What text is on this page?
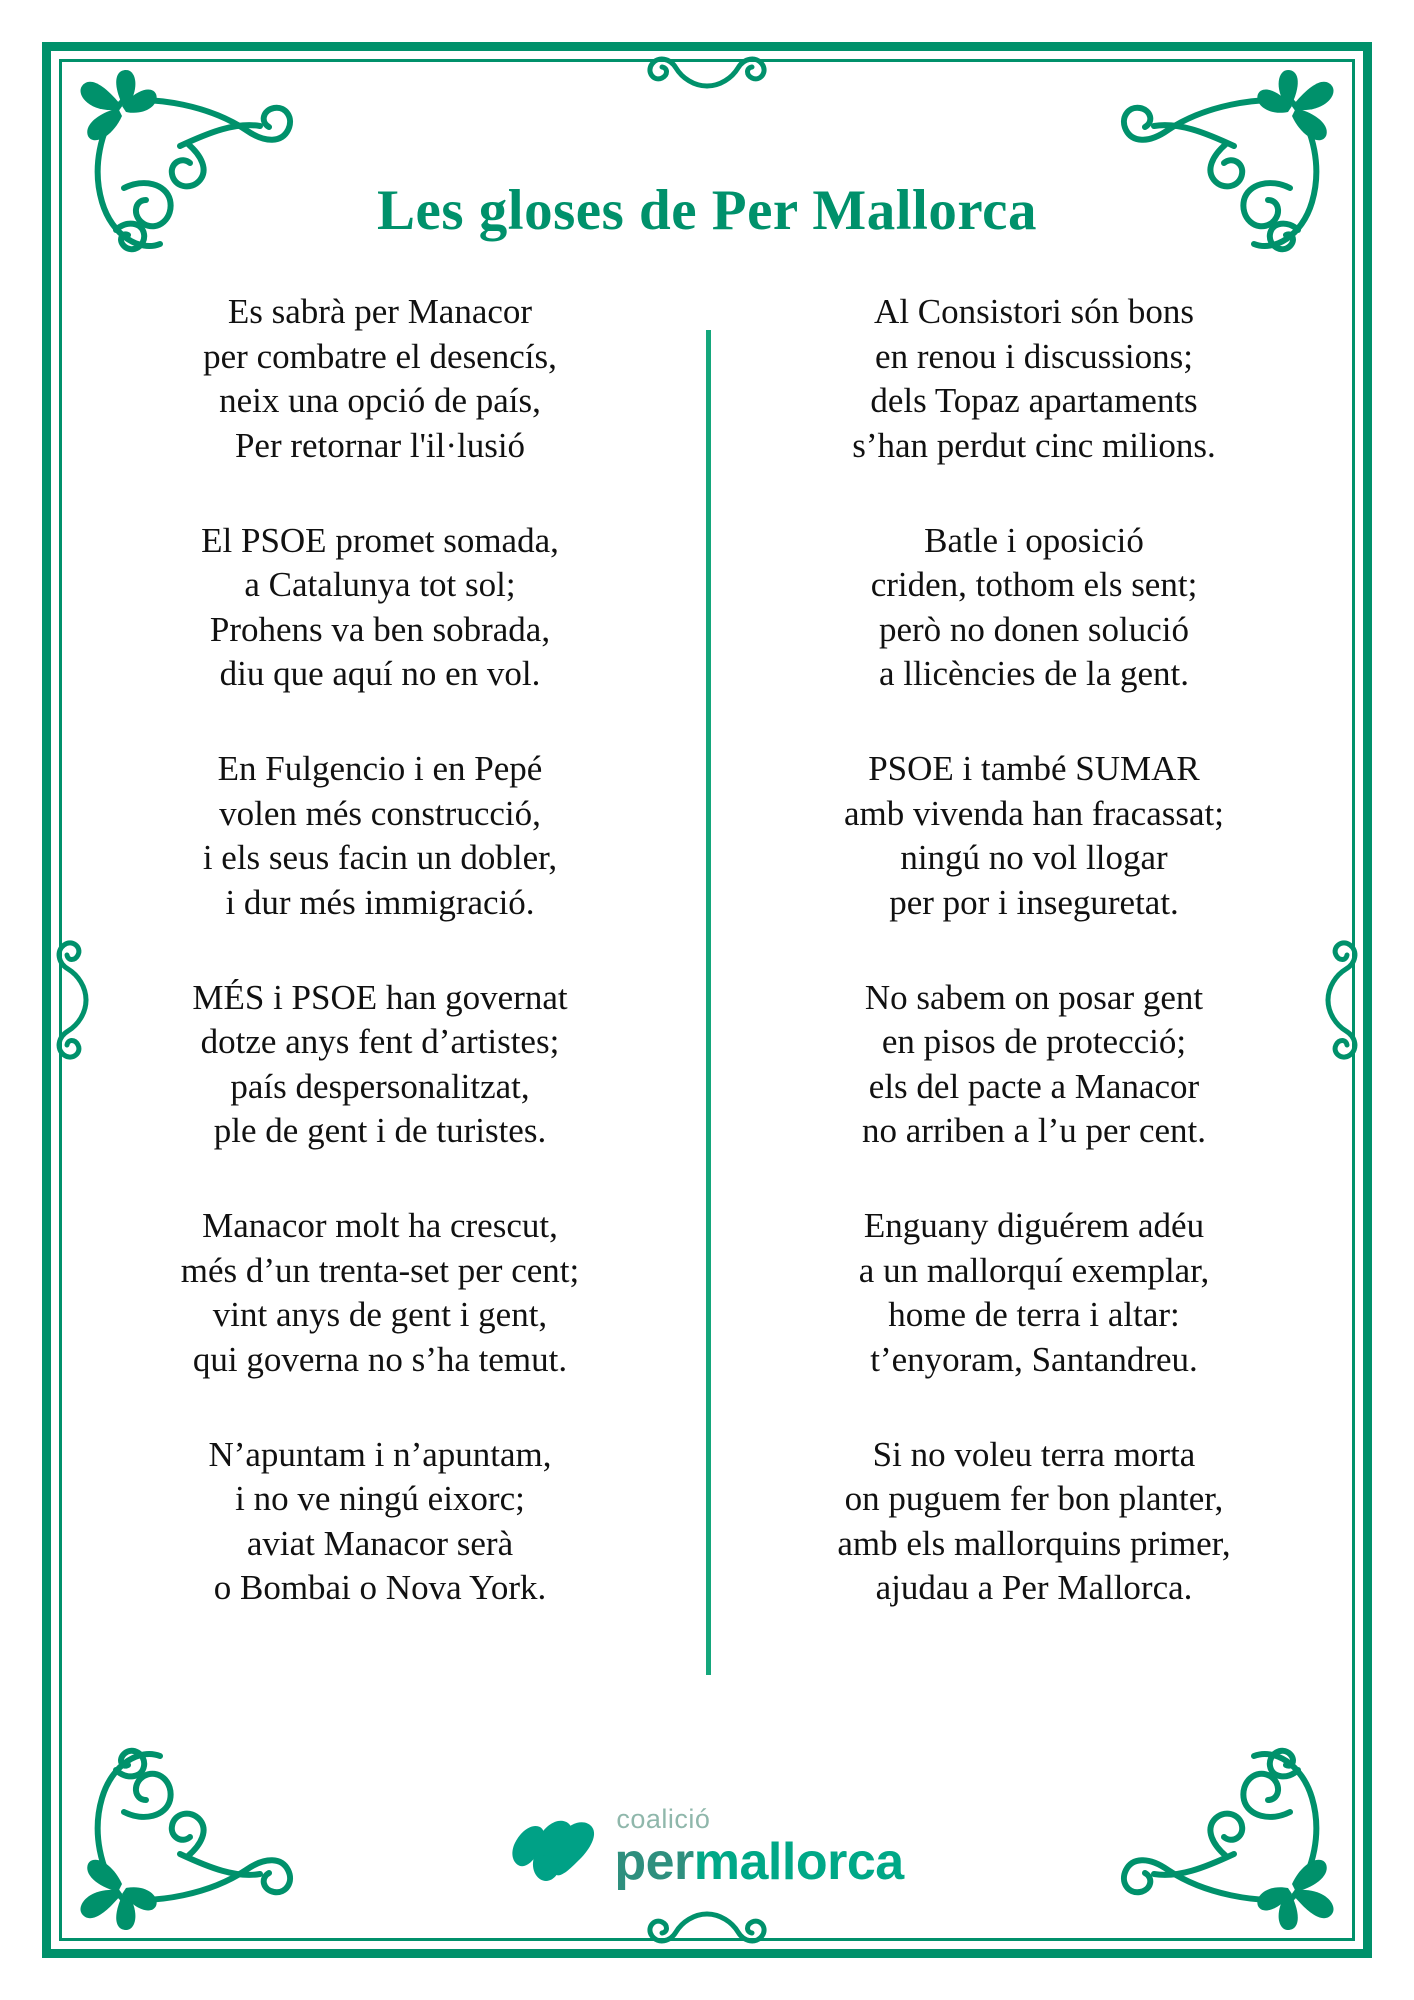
Les gloses de Per Mallorca
Es sabrà per Manacor
per combatre el desencís,
neix una opció de país,
Per retornar l'il·lusió
El PSOE promet somada,
a Catalunya tot sol;
Prohens va ben sobrada,
diu que aquí no en vol.
En Fulgencio i en Pepé
volen més construcció,
i els seus facin un dobler,
i dur més immigració.
MÉS i PSOE han governat
dotze anys fent d’artistes;
país despersonalitzat,
ple de gent i de turistes.
Manacor molt ha crescut,
més d’un trenta-set per cent;
vint anys de gent i gent,
qui governa no s’ha temut.
N’apuntam i n’apuntam,
i no ve ningú eixorc;
aviat Manacor serà
o Bombai o Nova York.
Al Consistori són bons
en renou i discussions;
dels Topaz apartaments
s’han perdut cinc milions.
Batle i oposició
criden, tothom els sent;
però no donen solució
a llicències de la gent.
PSOE i també SUMAR
amb vivenda han fracassat;
ningú no vol llogar
per por i inseguretat.
No sabem on posar gent
en pisos de protecció;
els del pacte a Manacor
no arriben a l’u per cent.
Enguany diguérem adéu
a un mallorquí exemplar,
home de terra i altar:
t’enyoram, Santandreu.
Si no voleu terra morta
on puguem fer bon planter,
amb els mallorquins primer,
ajudau a Per Mallorca.
coalició
permallorca
